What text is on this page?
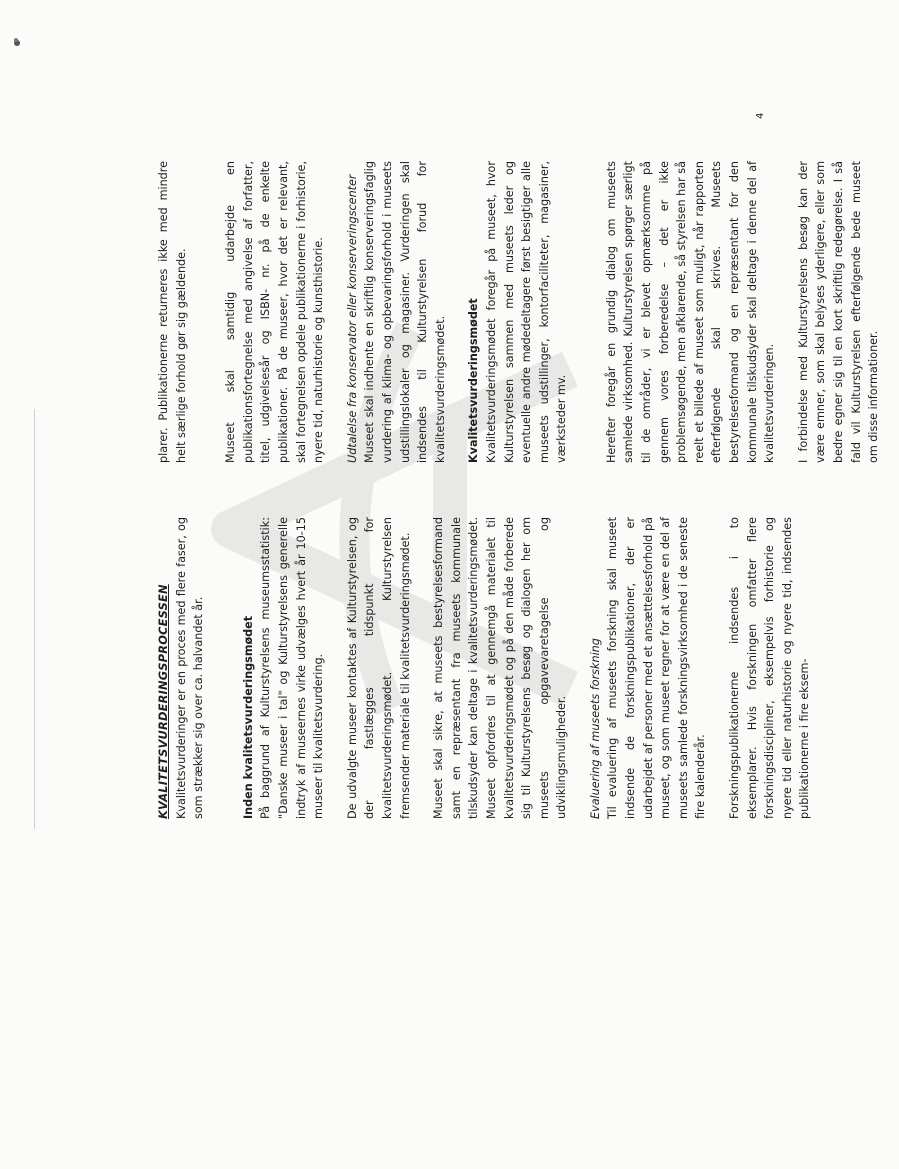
KVALITETSVURDERINGSPROCESSEN Kvalitetsvurderinger er en proces med flere faser, og som strækker sig over ca. halvandet år.	Inden kvalitetsvurderingsmødet På baggrund af Kulturstyrelsens museumsstatistik: "Danske museer i tal" og Kulturstyrelsens generelle indtryk af museernes virke udvælges hvert år 10-15 museer til kvalitetsvurdering. De udvalgte museer kontaktes af Kulturstyrelsen, og der fastlægges tidspunkt for kvalitetsvurderingsmødet. Kulturstyrelsen fremsender materiale til kvalitetsvurderingsmødet. Museet skal sikre, at museets bestyrelsesformand samt en repræsentant fra museets kommunale tilskudsyder kan deltage i kvalitetsvurderingsmødet. Museet opfordres til at gennemgå materialet til kvalitetsvurderingsmødet og på den måde forberede sig til Kulturstyrelsens besøg og dialogen her om museets opgavevaretagelse og udviklingsmuligheder. Evaluering af museets forskning Til evaluering af museets forskning skal museet indsende de forskningspublikationer, der er udarbejdet af personer med et ansættelsesforhold på museet, og som museet regner for at være en del af museets samlede forskningsvirksomhed i de seneste fire kalenderår. Forskningspublikationerne indsendes i to eksemplarer. Hvis forskningen omfatter flere forskningsdiscipliner, eksempelvis forhistorie og nyere tid eller naturhistorie og nyere tid, indsendes publikationerne i fire eksem-

plarer. Publikationerne returneres ikke med mindre helt særlige forhold gør sig gældende.	Museet skal samtidig udarbejde en publikationsfortegnelse med angivelse af forfatter, titel, udgivelsesår og ISBN- nr. på de enkelte publikationer. På de museer, hvor det er relevant, skal fortegnelsen opdele publikationerne i forhistorie, nyere tid, naturhistorie og kunsthistorie. Udtalelse fra konservator eller konserveringscenter Museet skal indhente en skriftlig konserveringsfaglig vurdering af klima- og opbevaringsforhold i museets udstillingslokaler og magasiner. Vurderingen skal indsendes til Kulturstyrelsen forud for kvalitetsvurderingsmødet. Kvalitetsvurderingsmødet Kvalitetsvurderingsmødet foregår på museet, hvor Kulturstyrelsen sammen med museets leder og eventuelle andre mødedeltagere først besigtiger alle museets udstillinger, kontorfaciliteter, magasiner, værksteder mv.	Herefter foregår en grundig dialog om museets samlede virksomhed. Kulturstyrelsen spørger særligt til de områder, vi er blevet opmærksomme på gennem vores forberedelse – det er ikke problemsøgende, men afklarende, så styrelsen har så reelt et billede af museet som muligt, når rapporten efterfølgende skal skrives. Museets bestyrelsesformand og en repræsentant for den kommunale tilskudsyder skal deltage i denne del af kvalitetsvurderingen. I forbindelse med Kulturstyrelsens besøg kan der være emner, som skal belyses yderligere, eller som bedre egner sig til en kort skriftlig redegørelse. I så fald vil Kulturstyrelsen efterfølgende bede museet om disse informationer.

4
